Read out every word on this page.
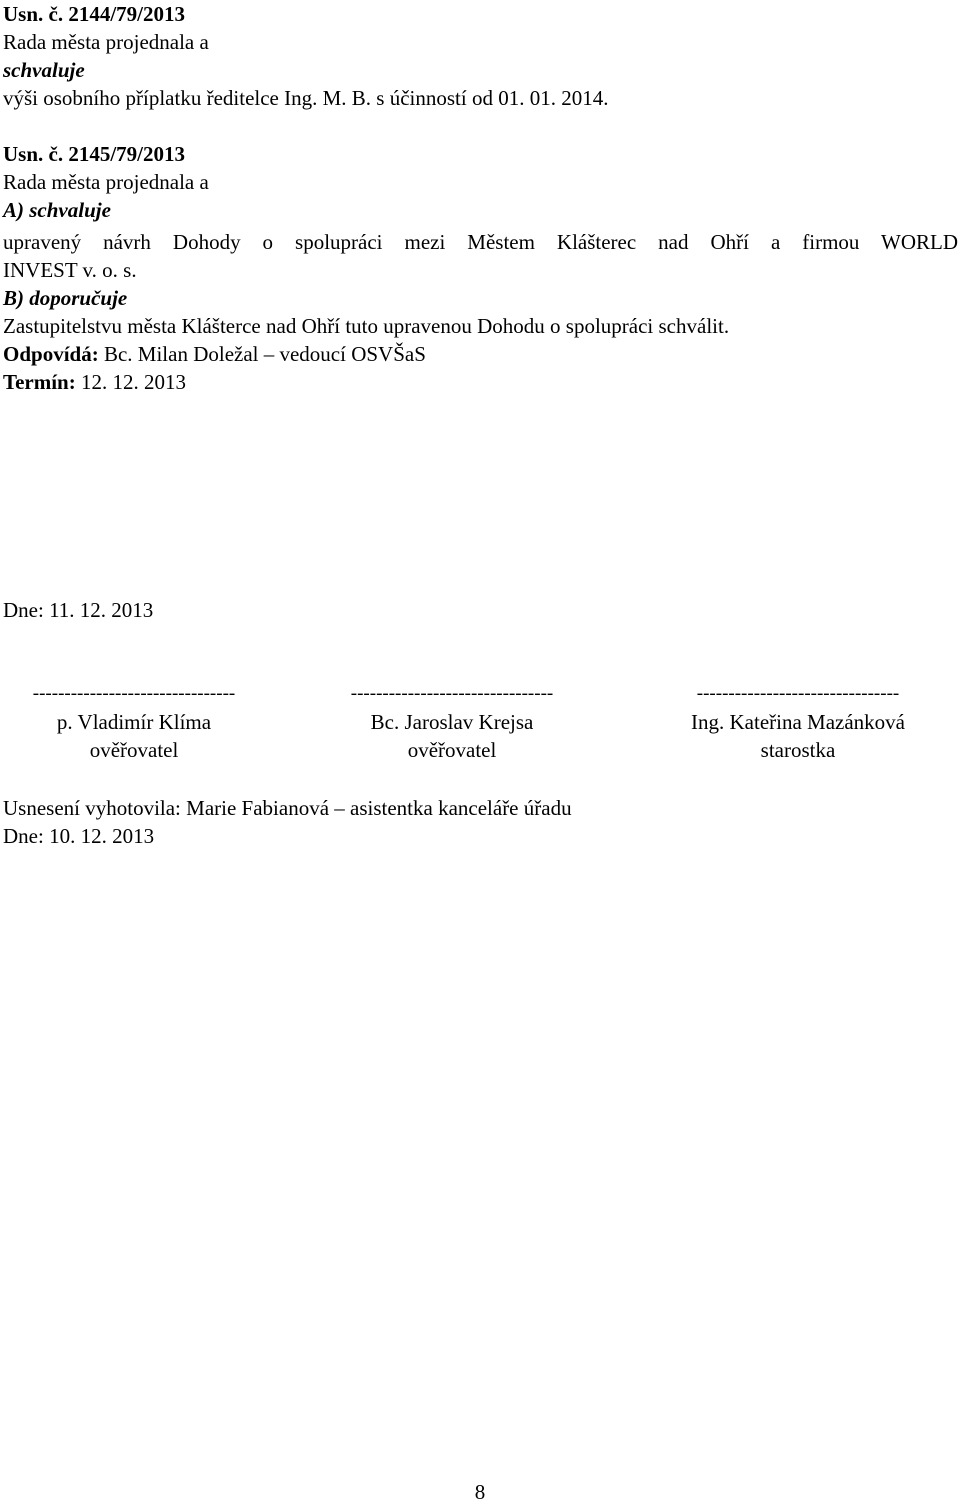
Usn. č. 2144/79/2013
Rada města projednala a
schvaluje
výši osobního příplatku ředitelce Ing. M. B. s účinností od 01. 01. 2014.
Usn. č. 2145/79/2013
Rada města projednala a
A) schvaluje
upravený návrh Dohody o spolupráci mezi Městem Klášterec nad Ohří a firmou WORLD
INVEST v. o. s.
B) doporučuje
Zastupitelstvu města Klášterce nad Ohří tuto upravenou Dohodu o spolupráci schválit.
Odpovídá: Bc. Milan Doležal – vedoucí OSVŠaS
Termín: 12. 12. 2013
Dne: 11. 12. 2013
--------------------------------
p. Vladimír Klíma
ověřovatel
--------------------------------
Bc. Jaroslav Krejsa
ověřovatel
--------------------------------
Ing. Kateřina Mazánková
starostka
Usnesení vyhotovila: Marie Fabianová – asistentka kanceláře úřadu
Dne: 10. 12. 2013
8
